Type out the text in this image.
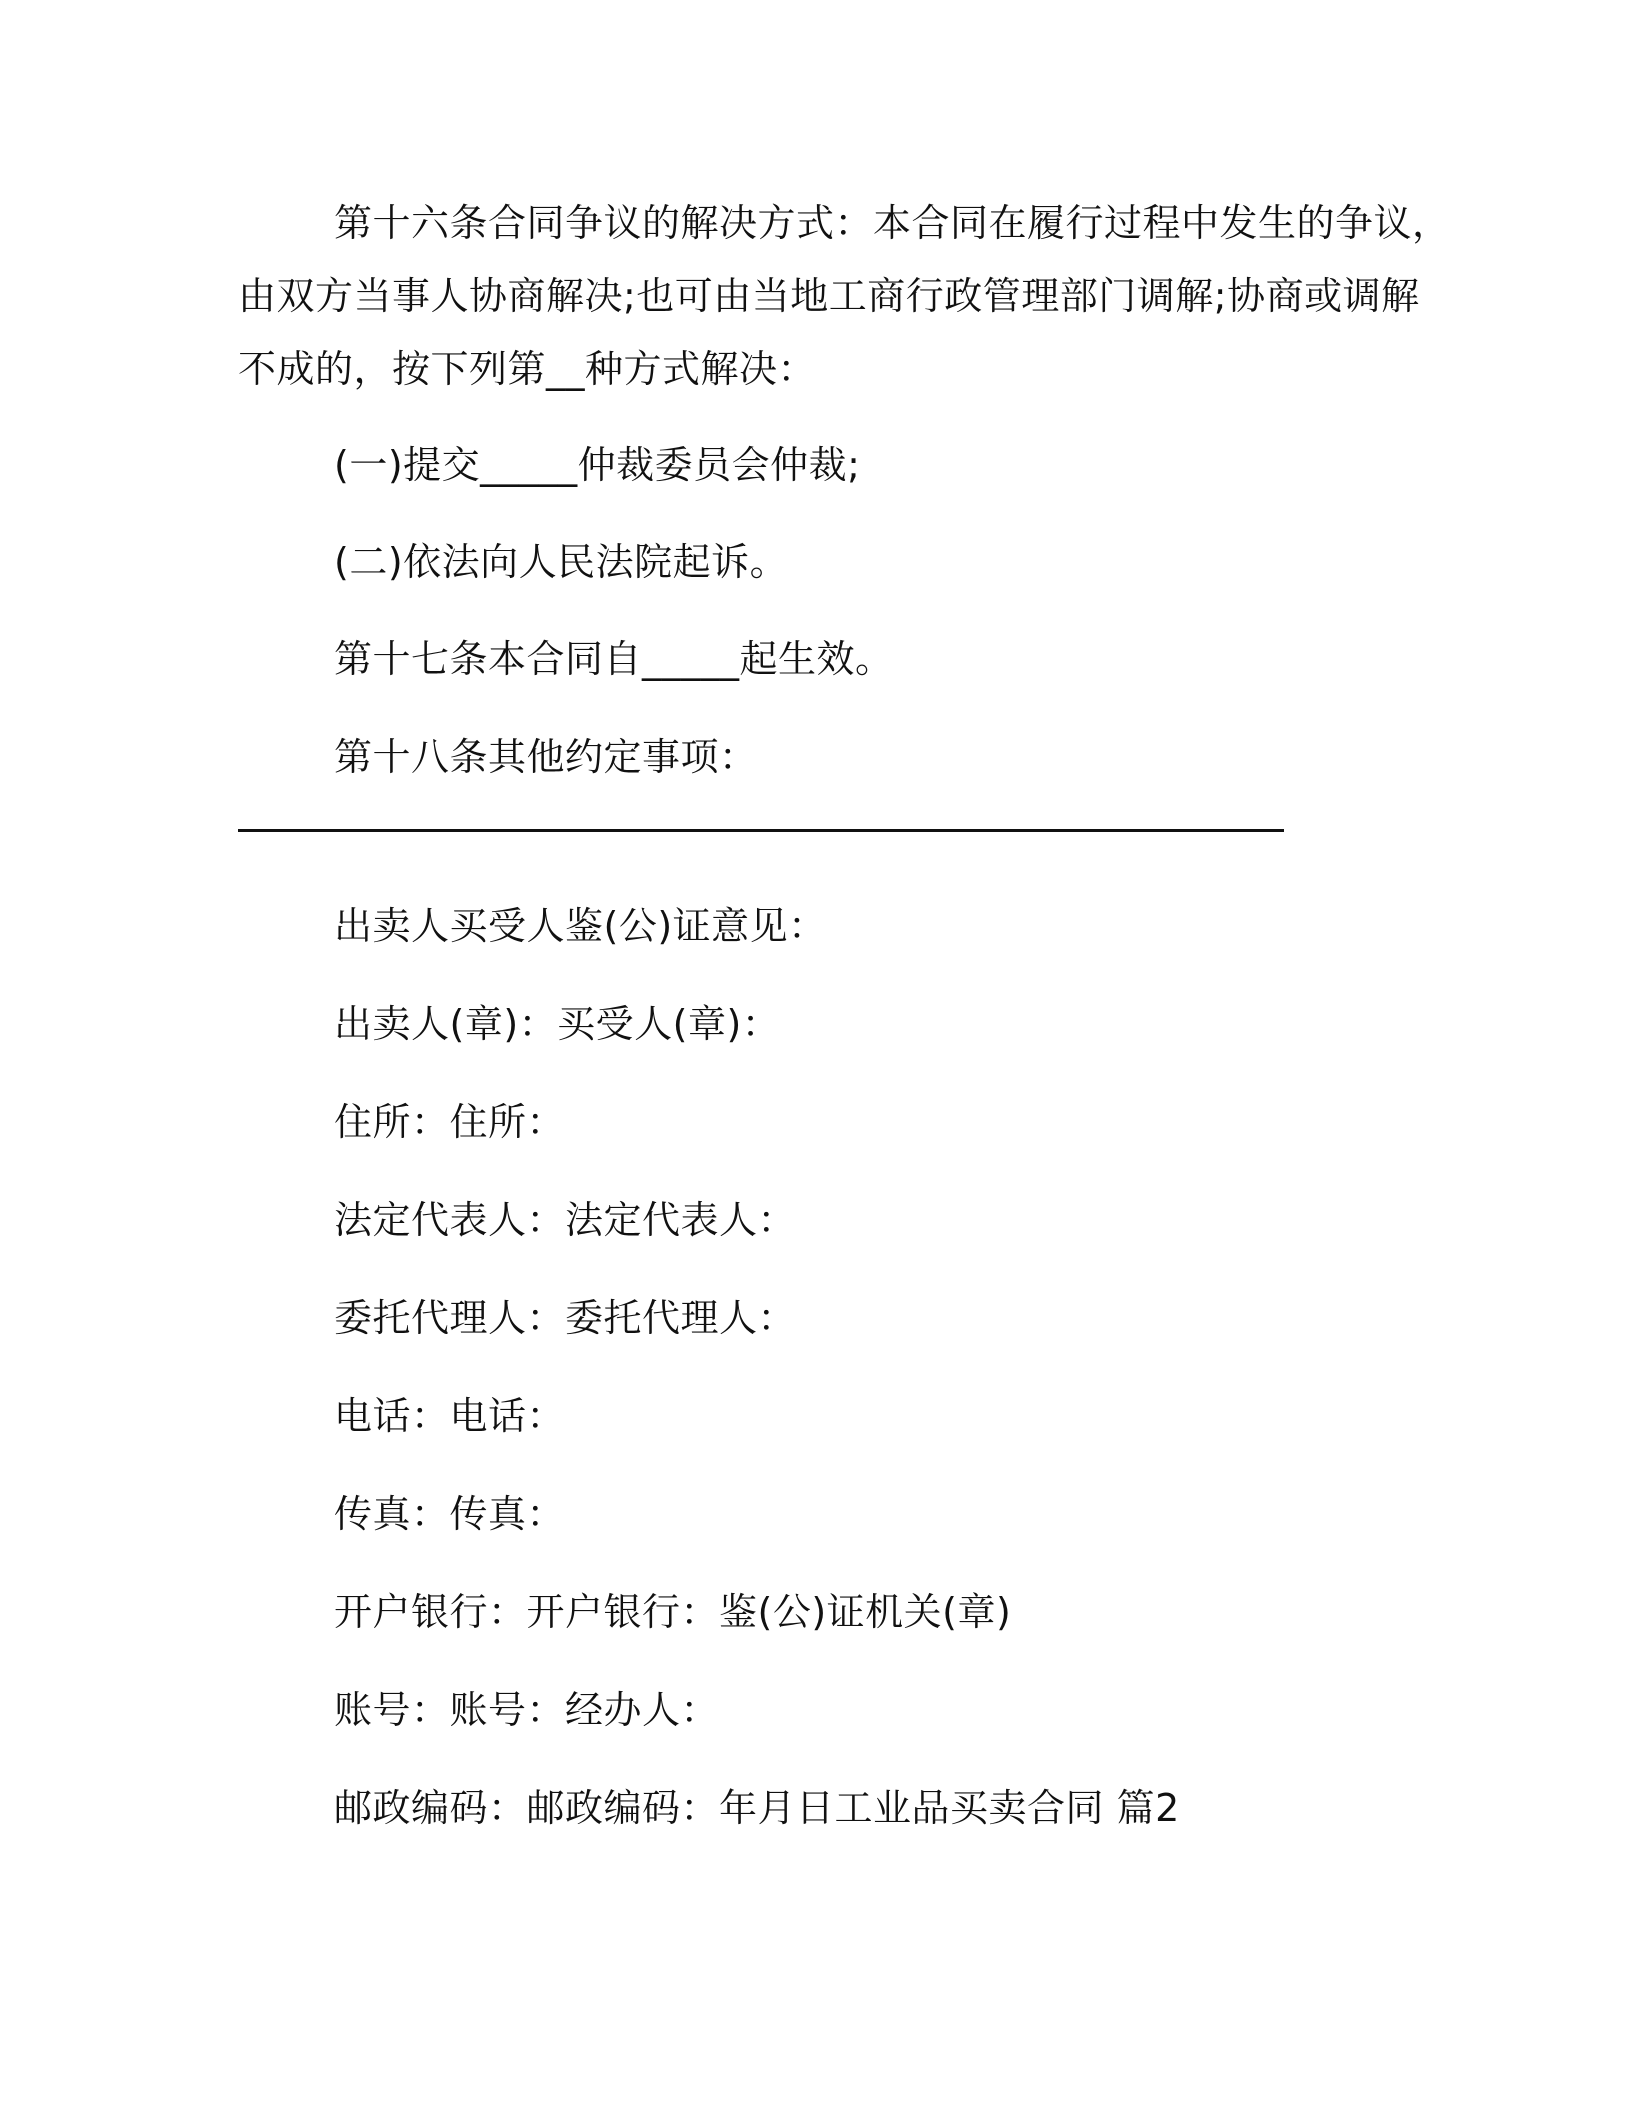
第十六条合同争议的解决方式：本合同在履行过程中发生的争议，
由双方当事人协商解决;也可由当地工商行政管理部门调解;协商或调解
不成的，按下列第__种方式解决：
(一)提交_____仲裁委员会仲裁;
(二)依法向人民法院起诉。
第十七条本合同自_____起生效。
第十八条其他约定事项：
出卖人买受人鉴(公)证意见：
出卖人(章)：买受人(章)：
住所：住所：
法定代表人：法定代表人：
委托代理人：委托代理人：
电话：电话：
传真：传真：
开户银行：开户银行：鉴(公)证机关(章)
账号：账号：经办人：
邮政编码：邮政编码：年月日工业品买卖合同 篇2
